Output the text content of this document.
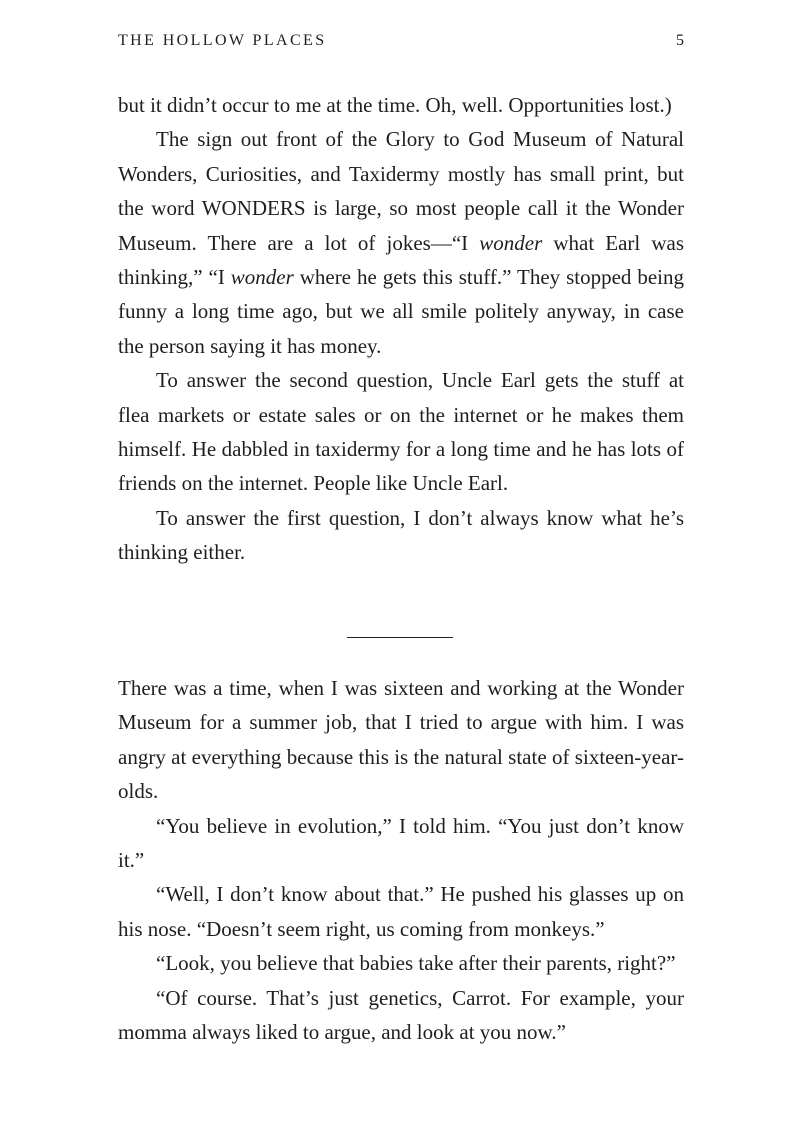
THE HOLLOW PLACES	5

but it didn’t occur to me at the time. Oh, well. Opportunities lost.)

The sign out front of the Glory to God Museum of Natural Wonders, Curiosities, and Taxidermy mostly has small print, but the word WONDERS is large, so most people call it the Wonder Museum. There are a lot of jokes—“I wonder what Earl was thinking,” “I wonder where he gets this stuff.” They stopped being funny a long time ago, but we all smile politely anyway, in case the person saying it has money.

To answer the second question, Uncle Earl gets the stuff at flea markets or estate sales or on the internet or he makes them himself. He dabbled in taxidermy for a long time and he has lots of friends on the internet. People like Uncle Earl.

To answer the first question, I don’t always know what he’s thinking either.

There was a time, when I was sixteen and working at the Wonder Museum for a summer job, that I tried to argue with him. I was angry at everything because this is the natural state of sixteen-year-olds.

“You believe in evolution,” I told him. “You just don’t know it.”

“Well, I don’t know about that.” He pushed his glasses up on his nose. “Doesn’t seem right, us coming from monkeys.”

“Look, you believe that babies take after their parents, right?”

“Of course. That’s just genetics, Carrot. For example, your momma always liked to argue, and look at you now.”
